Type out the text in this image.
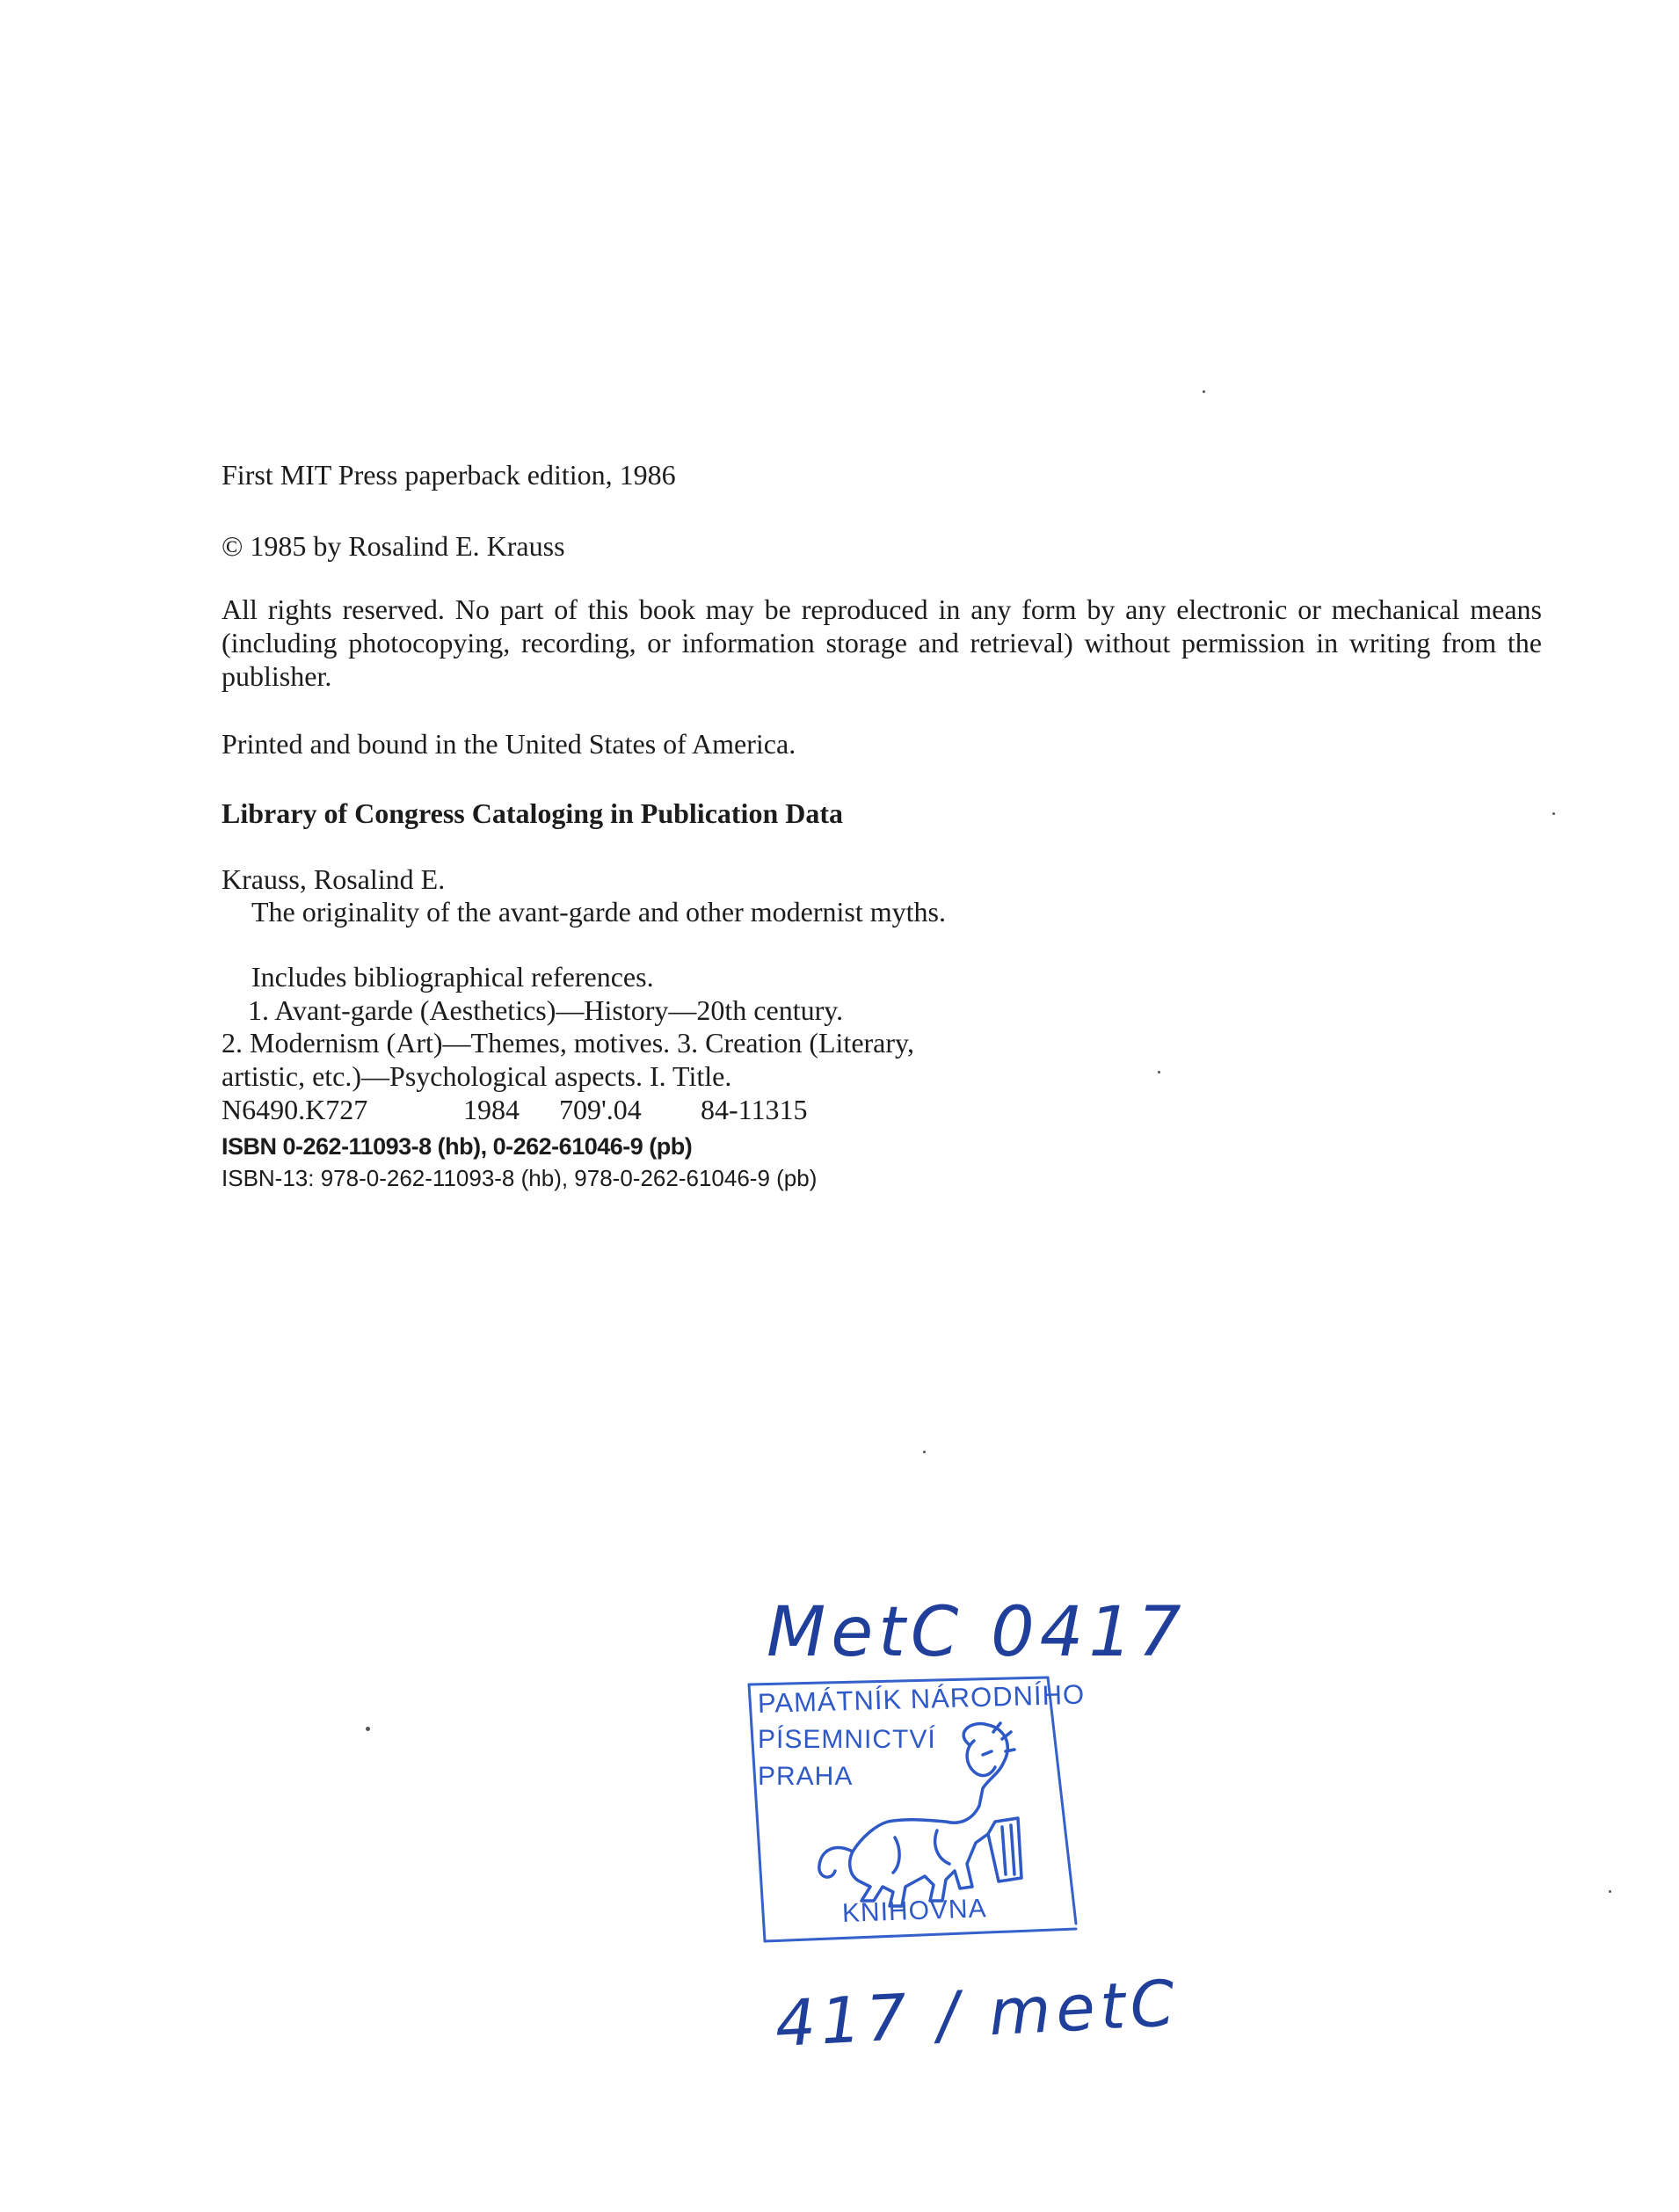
First MIT Press paperback edition, 1986
© 1985 by Rosalind E. Krauss
All rights reserved. No part of this book may be reproduced in any form by any electronic or mechanical means (including photocopying, recording, or information storage and retrieval) without permission in writing from the publisher.
Printed and bound in the United States of America.
Library of Congress Cataloging in Publication Data
Krauss, Rosalind E.
The originality of the avant-garde and other modernist myths.
Includes bibliographical references.
1. Avant-garde (Aesthetics)—History—20th century.
2. Modernism (Art)—Themes, motives. 3. Creation (Literary,
artistic, etc.)—Psychological aspects. I. Title.
N6490.K727	1984 709'.04 84-11315
ISBN 0-262-11093-8 (hb), 0-262-61046-9 (pb)
ISBN-13: 978-0-262-11093-8 (hb), 978-0-262-61046-9 (pb)
MetC 0417
PAMÁTNÍK NÁRODNÍHO
PÍSEMNICTVÍ
PRAHA
KNIHOVNA
417 / metC
